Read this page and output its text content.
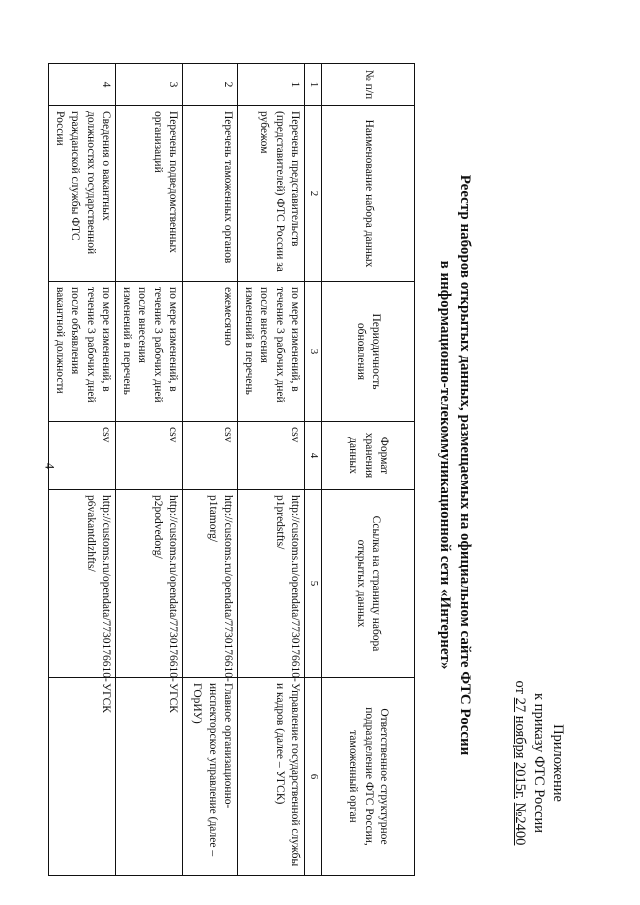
4
Приложение
к приказу ФТС России
от 27 ноября 2015г. №2400
Реестр наборов открытых данных, размещаемых на официальном сайте ФТС России
в информационно-телекоммуникационной сети «Интернет»
№ п/п	Наименование набора данных	Периодичность обновления	Формат хранения данных	Ссылка на страницу набора открытых данных	Ответственное структурное подразделение ФТС России, таможенный орган
1	2	3	4	5	6
1	Перечень представительств (представителей) ФТС России за рубежом	по мере изменений, в течение 3 рабочих дней после внесения изменений в перечень	csv	http://customs.ru/opendata/7730176610-p1predstfts/	Управление государственной службы и кадров (далее – УГСК)
2	Перечень таможенных органов	ежемесячно	csv	http://customs.ru/opendata/7730176610-p1tamorg/	Главное организационно-инспекторское управление (далее – ГОрИУ)
3	Перечень подведомственных организаций	по мере изменений, в течение 3 рабочих дней после внесения изменений в перечень	csv	http://customs.ru/opendata/7730176610-p2podvedorg/	УГСК
4	Сведения о вакантных должностях государственной гражданской службы ФТС России	по мере изменений, в течение 3 рабочих дней после объявления вакантной должности	csv	http://customs.ru/opendata/7730176610-p6vakantdlzhfts/	УГСК
